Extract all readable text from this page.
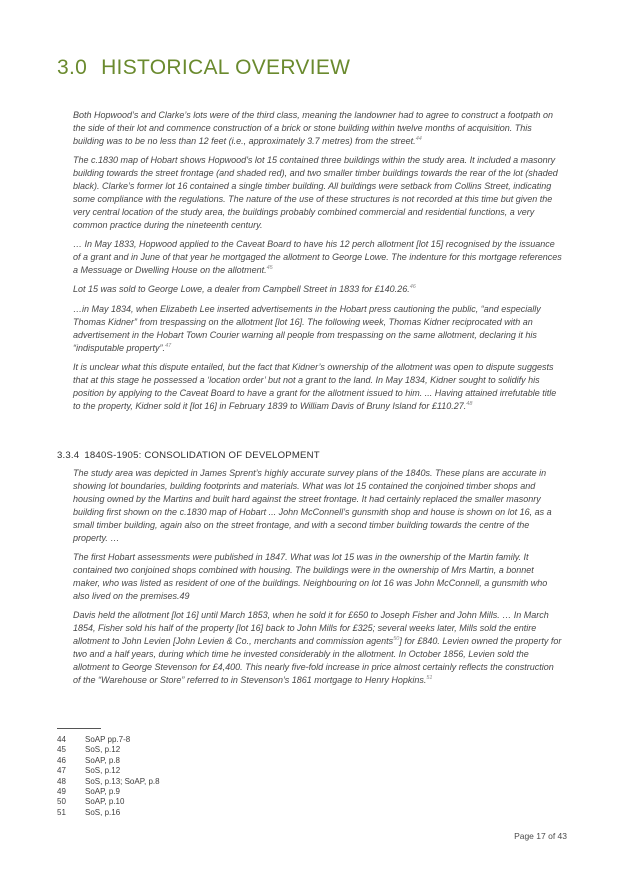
3.0 HISTORICAL OVERVIEW

Both Hopwood’s and Clarke’s lots were of the third class, meaning the landowner had to agree to construct a footpath on the side of their lot and commence construction of a brick or stone building within twelve months of acquisition. This building was to be no less than 12 feet (i.e., approximately 3.7 metres) from the street.$^{44}$

The c.1830 map of Hobart shows Hopwood’s lot 15 contained three buildings within the study area. It included a masonry building towards the street frontage (and shaded red), and two smaller timber buildings towards the rear of the lot (shaded black). Clarke’s former lot 16 contained a single timber building. All buildings were setback from Collins Street, indicating some compliance with the regulations. The nature of the use of these structures is not recorded at this time but given the very central location of the study area, the buildings probably combined commercial and residential functions, a very common practice during the nineteenth century.

… In May 1833, Hopwood applied to the Caveat Board to have his 12 perch allotment [lot 15] recognised by the issuance of a grant and in June of that year he mortgaged the allotment to George Lowe. The indenture for this mortgage references a Messuage or Dwelling House on the allotment.$^{45}$

Lot 15 was sold to George Lowe, a dealer from Campbell Street in 1833 for £140.26.46

…in May 1834, when Elizabeth Lee inserted advertisements in the Hobart press cautioning the public, “and especially Thomas Kidner” from trespassing on the allotment [lot 16]. The following week, Thomas Kidner reciprocated with an advertisement in the Hobart Town Courier warning all people from trespassing on the same allotment, declaring it his “indisputable property”.$^{47}$

It is unclear what this dispute entailed, but the fact that Kidner’s ownership of the allotment was open to dispute suggests that at this stage he possessed a ‘location order’ but not a grant to the land. In May 1834, Kidner sought to solidify his position by applying to the Caveat Board to have a grant for the allotment issued to him. ... Having attained irrefutable title to the property, Kidner sold it [lot 16] in February 1839 to William Davis of Bruny Island for £110.27.48

3.3.4 1840S-1905: CONSOLIDATION OF DEVELOPMENT

The study area was depicted in James Sprent’s highly accurate survey plans of the 1840s. These plans are accurate in showing lot boundaries, building footprints and materials. What was lot 15 contained the conjoined timber shops and housing owned by the Martins and built hard against the street frontage. It had certainly replaced the smaller masonry building first shown on the c.1830 map of Hobart ... John McConnell’s gunsmith shop and house is shown on lot 16, as a small timber building, again also on the street frontage, and with a second timber building towards the centre of the property. …

The first Hobart assessments were published in 1847. What was lot 15 was in the ownership of the Martin family. It contained two conjoined shops combined with housing. The buildings were in the ownership of Mrs Martin, a bonnet maker, who was listed as resident of one of the buildings. Neighbouring on lot 16 was John McConnell, a gunsmith who also lived on the premises.49

Davis held the allotment [lot 16] until March 1853, when he sold it for £650 to Joseph Fisher and John Mills. … In March 1854, Fisher sold his half of the property [lot 16] back to John Mills for £325; several weeks later, Mills sold the entire allotment to John Levien [John Levien & Co., merchants and commission agents$^{50}$] for £840. Levien owned the property for two and a half years, during which time he invested considerably in the allotment. In October 1856, Levien sold the allotment to George Stevenson for £4,400. This nearly five-fold increase in price almost certainly reflects the construction of the “Warehouse or Store” referred to in Stevenson’s 1861 mortgage to Henry Hopkins.$^{51}$

44 SoAP pp.7-8
45 SoS, p.12
46 SoAP, p.8
47 SoS, p.12
48 SoS, p.13; SoAP, p.8
49 SoAP, p.9
50 SoAP, p.10
51 SoS, p.16
Page 17 of 43
